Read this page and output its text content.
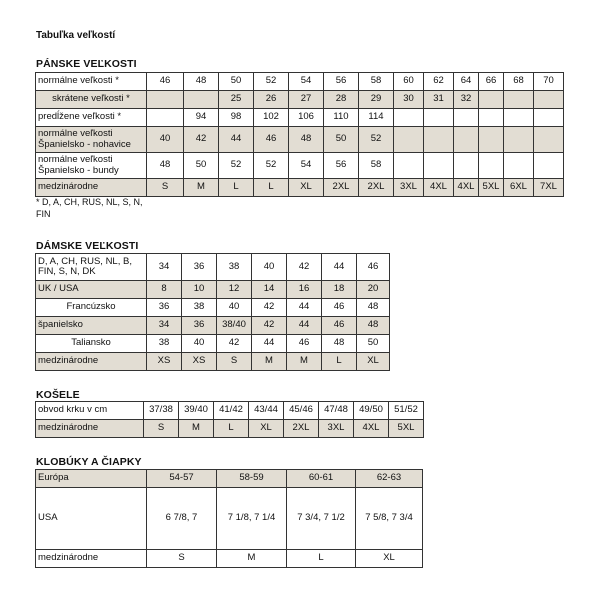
Tabuľka veľkostí
PÁNSKE VEĽKOSTI
normálne veľkosti *	46	48	50	52	54	56	58	60	62	64	66	68	70
skrátene veľkosti *			25	26	27	28	29	30	31	32			
predĺžene veľkosti *		94	98	102	106	110	114						
normálne veľkosti Španielsko - nohavice	40	42	44	46	48	50	52						
normálne veľkosti Španielsko - bundy	48	50	52	52	54	56	58						
medzinárodne	S	M	L	L	XL	2XL	2XL	3XL	4XL	4XL	5XL	6XL	7XL
* D, A, CH, RUS, NL, S, N, FIN
DÁMSKE VEĽKOSTI
D, A, CH, RUS, NL, B, FIN, S, N, DK	34	36	38	40	42	44	46
UK / USA	8	10	12	14	16	18	20
Francúzsko	36	38	40	42	44	46	48
španielsko	34	36	38/40	42	44	46	48
Taliansko	38	40	42	44	46	48	50
medzinárodne	XS	XS	S	M	M	L	XL
KOŠELE
obvod krku v cm	37/38	39/40	41/42	43/44	45/46	47/48	49/50	51/52
medzinárodne	S	M	L	XL	2XL	3XL	4XL	5XL
KLOBÚKY A ČIAPKY
Európa	54-57	58-59	60-61	62-63
USA	6 7/8, 7	7 1/8, 7 1/4	7 3/4, 7 1/2	7 5/8, 7 3/4
medzinárodne	S	M	L	XL
